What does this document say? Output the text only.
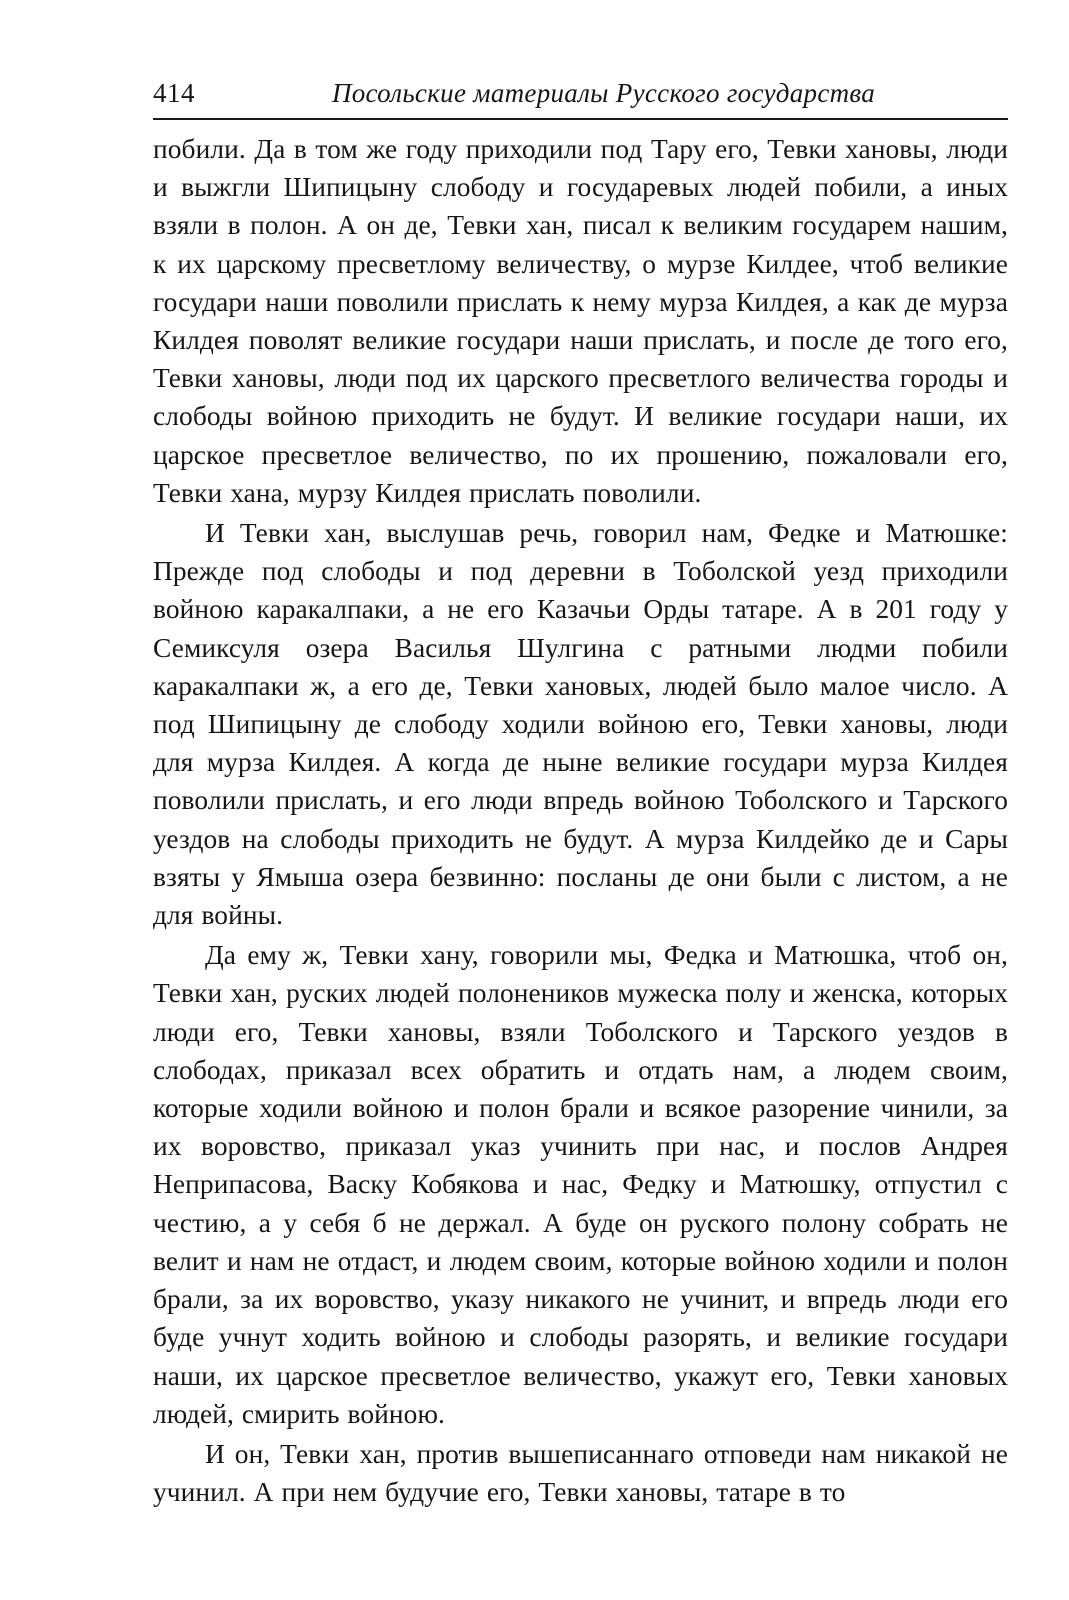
414	Посольские материалы Русского государства

побили. Да в том же году приходили под Тару его, Тевки хановы, люди и выжгли Шипицыну слободу и государевых людей побили, а иных взяли в полон. А он де, Тевки хан, писал к великим государем нашим, к их царскому пресветлому величеству, о мурзе Килдее, чтоб великие государи наши поволили прислать к нему мурза Килдея, а как де мурза Килдея поволят великие государи наши прислать, и после де того его, Тевки хановы, люди под их царского пресветлого величества городы и слободы войною приходить не будут. И великие государи наши, их царское пресветлое величество, по их прошению, пожаловали его, Тевки хана, мурзу Килдея прислать поволили.

И Тевки хан, выслушав речь, говорил нам, Федке и Матюшке: Прежде под слободы и под деревни в Тоболской уезд приходили войною каракалпаки, а не его Казачьи Орды татаре. А в 201 году у Семиксуля озера Василья Шулгина с ратными людми побили каракалпаки ж, а его де, Тевки хановых, людей было малое число. А под Шипицыну де слободу ходили войною его, Тевки хановы, люди для мурза Килдея. А когда де ныне великие государи мурза Килдея поволили прислать, и его люди впредь войною Тоболского и Тарского уездов на слободы приходить не будут. А мурза Килдейко де и Сары взяты у Ямыша озера безвинно: посланы де они были с листом, а не для войны.

Да ему ж, Тевки хану, говорили мы, Федка и Матюшка, чтоб он, Тевки хан, руских людей полонеников мужеска полу и женска, которых люди его, Тевки хановы, взяли Тоболского и Тарского уездов в слободах, приказал всех обратить и отдать нам, а людем своим, которые ходили войною и полон брали и всякое разорение чинили, за их воровство, приказал указ учинить при нас, и послов Андрея Неприпасова, Васку Кобякова и нас, Федку и Матюшку, отпустил с честию, а у себя б не держал. А буде он руского полону собрать не велит и нам не отдаст, и людем своим, которые войною ходили и полон брали, за их воровство, указу никакого не учинит, и впредь люди его буде учнут ходить войною и слободы разорять, и великие государи наши, их царское пресветлое величество, укажут его, Тевки хановых людей, смирить войною.

И он, Тевки хан, против вышеписаннаго отповеди нам никакой не учинил. А при нем будучие его, Тевки хановы, татаре в то
